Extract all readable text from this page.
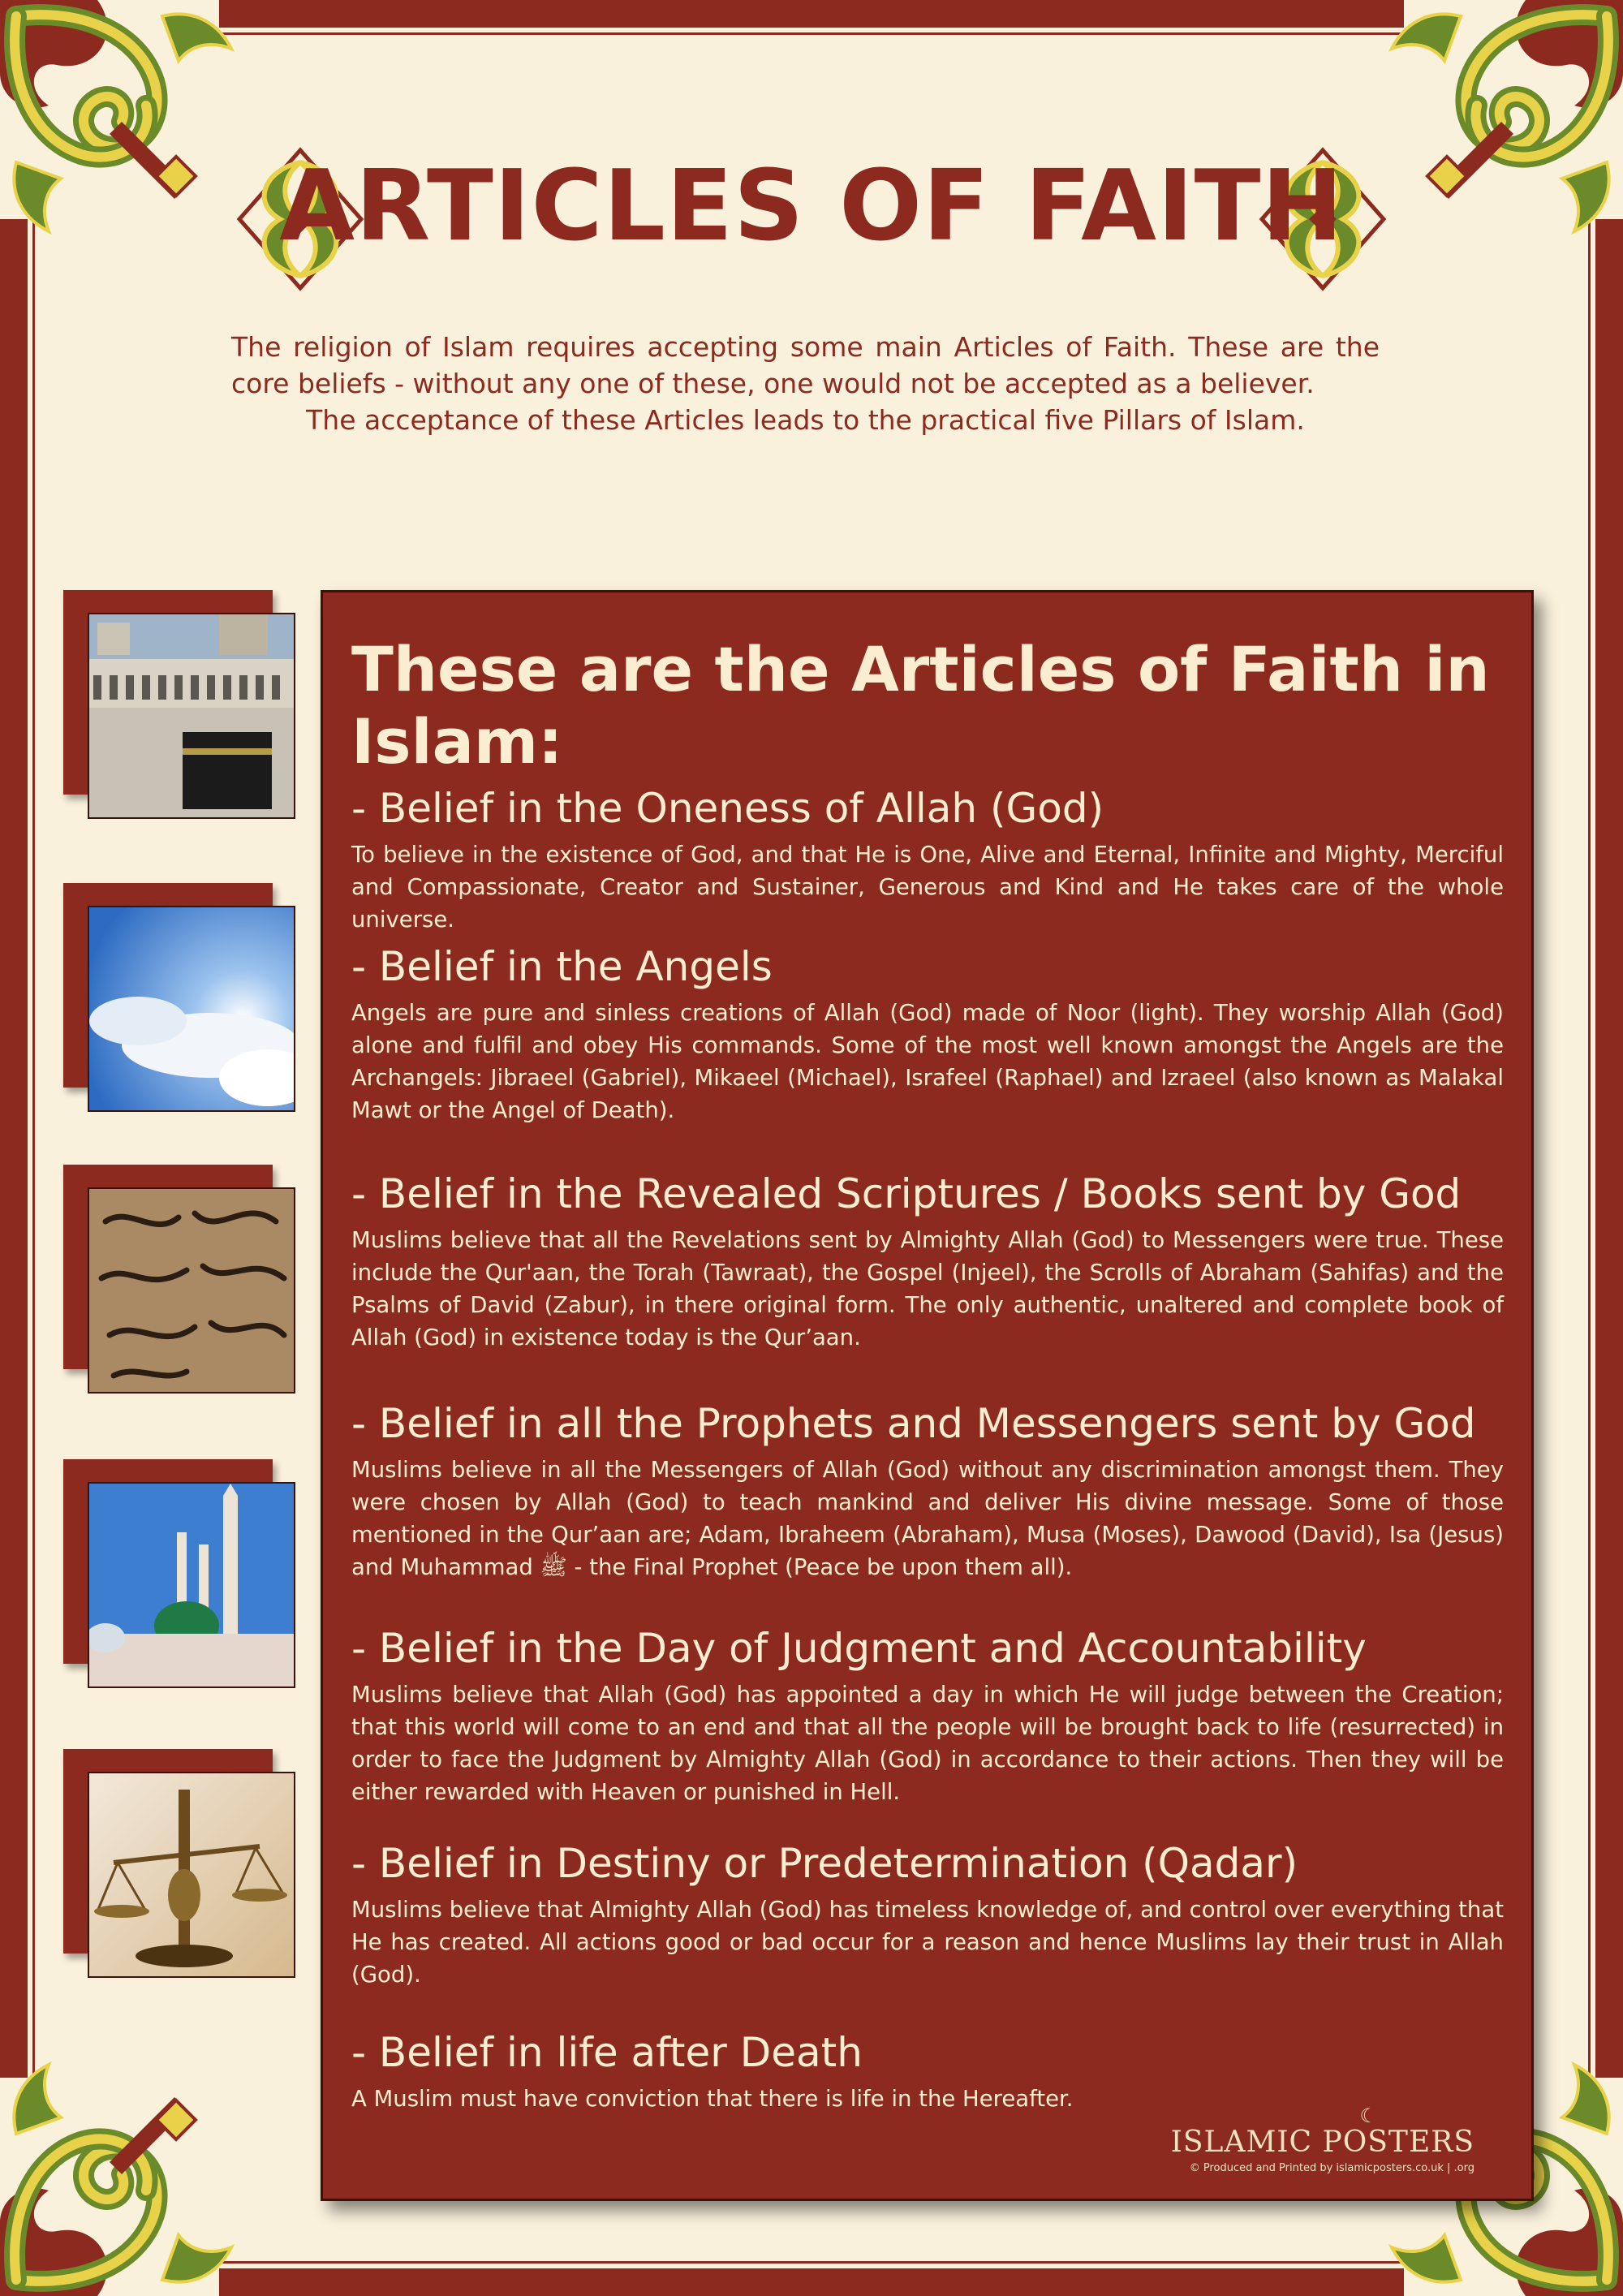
ARTICLES OF FAITH

The religion of Islam requires accepting some main Articles of Faith. These are the core beliefs - without any one of these, one would not be accepted as a believer.
The acceptance of these Articles leads to the practical five Pillars of Islam.

These are the Articles of Faith in Islam:
- Belief in the Oneness of Allah (God)

To believe in the existence of God, and that He is One, Alive and Eternal, Infinite and Mighty, Merciful and Compassionate, Creator and Sustainer, Generous and Kind and He takes care of the whole universe.

- Belief in the Angels

Angels are pure and sinless creations of Allah (God) made of Noor (light). They worship Allah (God) alone and fulfil and obey His commands. Some of the most well known amongst the Angels are the Archangels: Jibraeel (Gabriel), Mikaeel (Michael), Israfeel (Raphael) and Izraeel (also known as Malakal Mawt or the Angel of Death).

- Belief in the Revealed Scriptures / Books sent by God

Muslims believe that all the Revelations sent by Almighty Allah (God) to Messengers were true. These include the Qur'aan, the Torah (Tawraat), the Gospel (Injeel), the Scrolls of Abraham (Sahifas) and the Psalms of David (Zabur), in there original form. The only authentic, unaltered and complete book of Allah (God) in existence today is the Qur’aan.

- Belief in all the Prophets and Messengers sent by God

Muslims believe in all the Messengers of Allah (God) without any discrimination amongst them. They were chosen by Allah (God) to teach mankind and deliver His divine message. Some of those mentioned in the Qur’aan are; Adam, Ibraheem (Abraham), Musa (Moses), Dawood (David), Isa (Jesus) and Muhammad ﷺ - the Final Prophet (Peace be upon them all).

- Belief in the Day of Judgment and Accountability

Muslims believe that Allah (God) has appointed a day in which He will judge between the Creation; that this world will come to an end and that all the people will be brought back to life (resurrected) in order to face the Judgment by Almighty Allah (God) in accordance to their actions. Then they will be either rewarded with Heaven or punished in Hell.

- Belief in Destiny or Predetermination (Qadar)

Muslims believe that Almighty Allah (God) has timeless knowledge of, and control over everything that He has created. All actions good or bad occur for a reason and hence Muslims lay their trust in Allah (God).

- Belief in life after Death

A Muslim must have conviction that there is life in the Hereafter.

☾
ISLAMIC POSTERS
© Produced and Printed by islamicposters.co.uk | .org
